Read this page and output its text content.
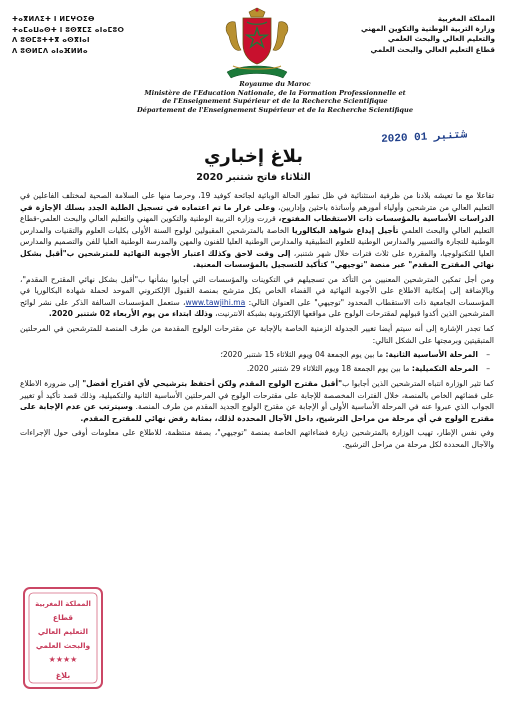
المملكة المغربية
وزارة التربية الوطنية والتكوين المهني
والتعليم العالي والبحث العلمي
قطاع التعليم العالي والبحث العلمي
ⵜⴰⴳⵍⴷⵉⵜ ⵏ ⵍⵎⵖⵔⵉⴱ
ⵜⴰⵎⴰⵡⴰⵙⵜ ⵏ ⵓⵙⴳⵎⵉ ⴰⵏⴰⵎⵓⵔ
ⴷ ⵓⵙⵎⵓⵜⵜⴳ ⴰⵙⴳⵏⴰⵏ
ⴷ ⵓⵙⵍⵎⴷ ⴰⵏⴰⴼⵍⵍⴰ
Royaume du Maroc
Ministère de l'Education Nationale, de la Formation Professionnelle et
de l'Enseignement Supérieur et de la Recherche Scientifique
Département de l'Enseignement Supérieur et de la Recherche Scientifique
2020 شتنبر 01
بلاغ إخباري
الثلاثاء فاتح شتنبر 2020

تفاعلا مع ما تعيشه بلادنا من ظرفية استثنائية في ظل تطور الحالة الوبائية لجائحة كوفيد 19، وحرصا منها على السلامة الصحية لمختلف الفاعلين في التعليم العالي من مترشحين وأولياء أمورهم وأساتذة باحثين وإداريين، وعلى غرار ما تم اعتماده في تسجيل الطلبة الجدد بسلك الإجازة في الدراسات الأساسية بالمؤسسات ذات الاستقطاب المفتوح، قررت وزارة التربية الوطنية والتكوين المهني والتعليم العالي والبحث العلمي-قطاع التعليم العالي والبحث العلمي تأجيل إيداع شواهد البكالوريا الخاصة بالمترشحين المقبولين لولوج السنة الأولى بكليات العلوم والتقنيات والمدارس الوطنية للتجارة والتسيير والمدارس الوطنية للعلوم التطبيقية والمدارس الوطنية العليا للفنون والمهن والمدرسة الوطنية العليا للفن والتصميم والمدارس العليا للتكنولوجيا، والمقررة على ثلاث فترات خلال شهر شتنبر، إلى وقت لاحق وكذلك اعتبار الأجوبة النهائية للمترشحين ب"أقبل بشكل نهائي المقترح المقدم" عبر منصة "توجيهي" كتأكيد للتسجيل بالمؤسسات المعنية.

ومن أجل تمكين المترشحين المعنيين من التأكد من تسجيلهم في التكوينات والمؤسسات التي أجابوا بشأنها ب"أقبل بشكل نهائي المقترح المقدم"، وبالإضافة إلى إمكانية الاطلاع على الأجوبة النهائية في الفضاء الخاص بكل مترشح بمنصة القبول الإلكتروني الموحد لحملة شهادة البكالوريا في المؤسسات الجامعية ذات الاستقطاب المحدود "توجيهي" على العنوان التالي: www.tawjihi.ma، ستعمل المؤسسات السالفة الذكر على نشر لوائح المترشحين الذين أكدوا قبولهم لمقترحات الولوج على مواقعها الإلكترونية بشبكة الانترنيت، وذلك ابتداء من يوم الأربعاء 02 شتنبر 2020.

كما تجدر الإشارة إلى أنه سيتم أيضا تغيير الجدولة الزمنية الخاصة بالإجابة عن مقترحات الولوج المقدمة من طرف المنصة للمترشحين في المرحلتين المتبقيتين وبرمجتها على الشكل التالي:

– المرحلة الأساسية الثانية: ما بين يوم الجمعة 04 ويوم الثلاثاء 15 شتنبر 2020؛
– المرحلة التكميلية: ما بين يوم الجمعة 18 ويوم الثلاثاء 29 شتنبر 2020.

كما تثير الوزارة انتباه المترشحين الذين أجابوا ب"أقبل مقترح الولوج المقدم ولكن أحتفظ بترشيحي لأي اقتراح أفضل" إلى ضرورة الاطلاع على فضائهم الخاص بالمنصة، خلال الفترات المخصصة للإجابة على مقترحات الولوج في المرحلتين الأساسية الثانية والتكميلية، وذلك قصد تأكيد أو تغيير الجواب الذي عبروا عنه في المرحلة الأساسية الأولى أو الإجابة عن مقترح الولوج الجديد المقدم من طرف المنصة. وسيترتب عن عدم الإجابة على مقترح الولوج في أي مرحلة من مراحل الترشيح، داخل الآجال المحددة لذلك، بمثابة رفض نهائي للمقترح المقدم.

وفي نفس الإطار، تهيب الوزارة بالمترشحين زيارة فضاءاتهم الخاصة بمنصة "توجيهي"، بصفة منتظمة، للاطلاع على معلومات أوفى حول الإجراءات والآجال المحددة لكل مرحلة من مراحل الترشيح.

المملكة المغربية
قطاع
التعليم العالي
والبحث العلمي
★★★★
بلاغ
